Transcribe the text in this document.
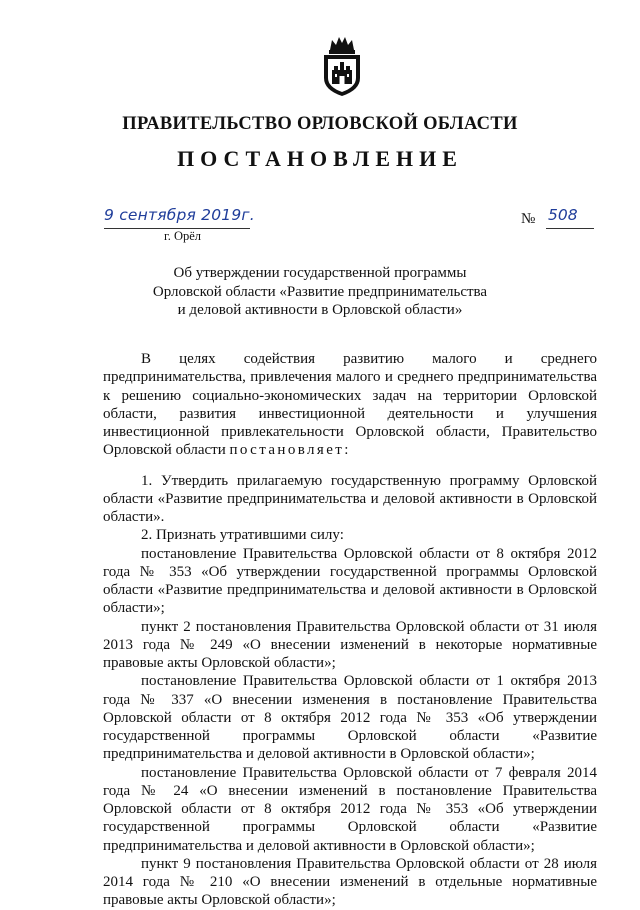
ПРАВИТЕЛЬСТВО ОРЛОВСКОЙ ОБЛАСТИ
ПОСТАНОВЛЕНИЕ
9 сентября 2019г.
г. Орёл
№ 508
Об утверждении государственной программы
Орловской области «Развитие предпринимательства
и деловой активности в Орловской области»

В целях содействия развитию малого и среднего предпринимательства, привлечения малого и среднего предпринимательства к решению социально-экономических задач на территории Орловской области, развития инвестиционной деятельности и улучшения инвестиционной привлекательности Орловской области, Правительство Орловской области постановляет:

1. Утвердить прилагаемую государственную программу Орловской области «Развитие предпринимательства и деловой активности в Орловской области».

2. Признать утратившими силу:

постановление Правительства Орловской области от 8 октября 2012 года № 353 «Об утверждении государственной программы Орловской области «Развитие предпринимательства и деловой активности в Орловской области»;

пункт 2 постановления Правительства Орловской области от 31 июля 2013 года № 249 «О внесении изменений в некоторые нормативные правовые акты Орловской области»;

постановление Правительства Орловской области от 1 октября 2013 года № 337 «О внесении изменения в постановление Правительства Орловской области от 8 октября 2012 года № 353 «Об утверждении государственной программы Орловской области «Развитие предпринимательства и деловой активности в Орловской области»;

постановление Правительства Орловской области от 7 февраля 2014 года № 24 «О внесении изменений в постановление Правительства Орловской области от 8 октября 2012 года № 353 «Об утверждении государственной программы Орловской области «Развитие предпринимательства и деловой активности в Орловской области»;

пункт 9 постановления Правительства Орловской области от 28 июля 2014 года № 210 «О внесении изменений в отдельные нормативные правовые акты Орловской области»;
